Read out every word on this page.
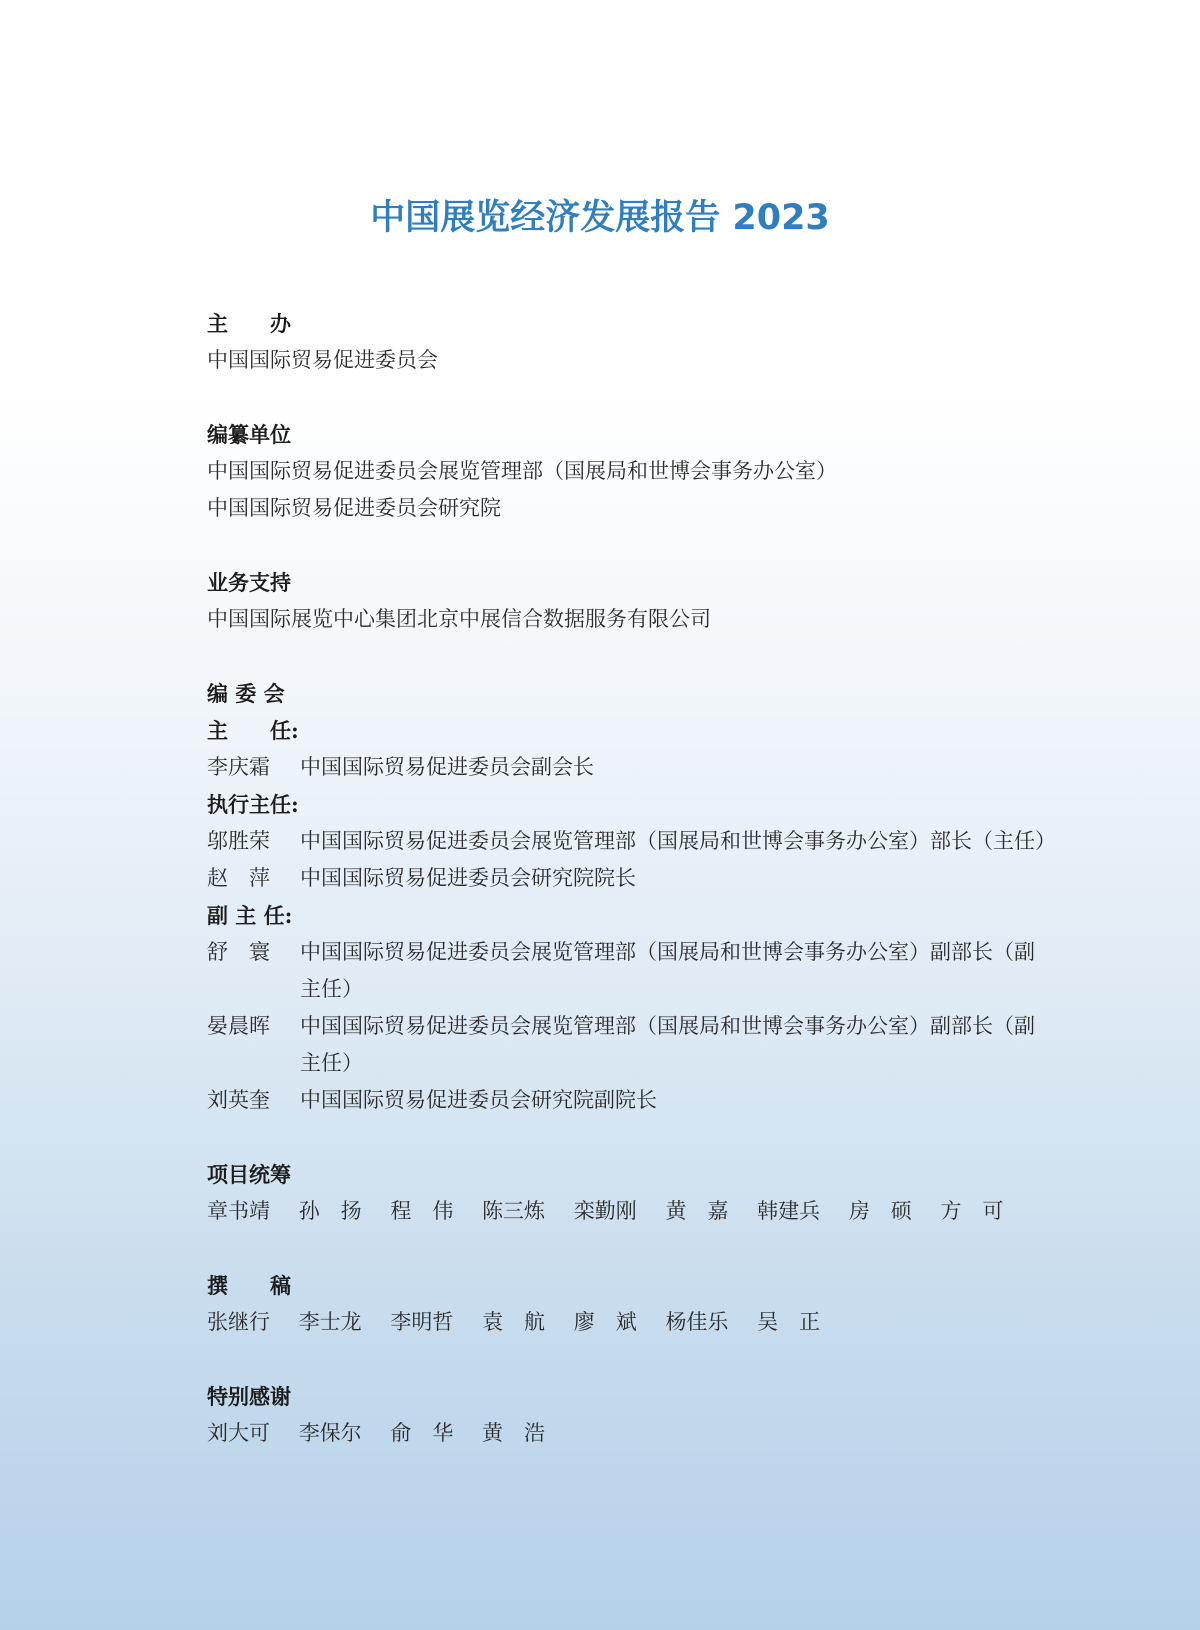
中国展览经济发展报告 2023
主　　办
中国国际贸易促进委员会
编纂单位
中国国际贸易促进委员会展览管理部（国展局和世博会事务办公室）
中国国际贸易促进委员会研究院
业务支持
中国国际展览中心集团北京中展信合数据服务有限公司
编 委 会
主　　任:
李庆霜	中国国际贸易促进委员会副会长
执行主任:
邬胜荣	中国国际贸易促进委员会展览管理部（国展局和世博会事务办公室）部长（主任）
赵　萍	中国国际贸易促进委员会研究院院长
副 主 任:
舒　寰	中国国际贸易促进委员会展览管理部（国展局和世博会事务办公室）副部长（副主任）
晏晨晖	中国国际贸易促进委员会展览管理部（国展局和世博会事务办公室）副部长（副主任）
刘英奎	中国国际贸易促进委员会研究院副院长
项目统筹
章书靖 孙　扬 程　伟 陈三炼 栾勤刚 黄　嘉 韩建兵 房　硕 方　可
撰　　稿
张继行 李士龙 李明哲 袁　航 廖　斌 杨佳乐 吴　正
特别感谢
刘大可 李保尔 俞　华 黄　浩
